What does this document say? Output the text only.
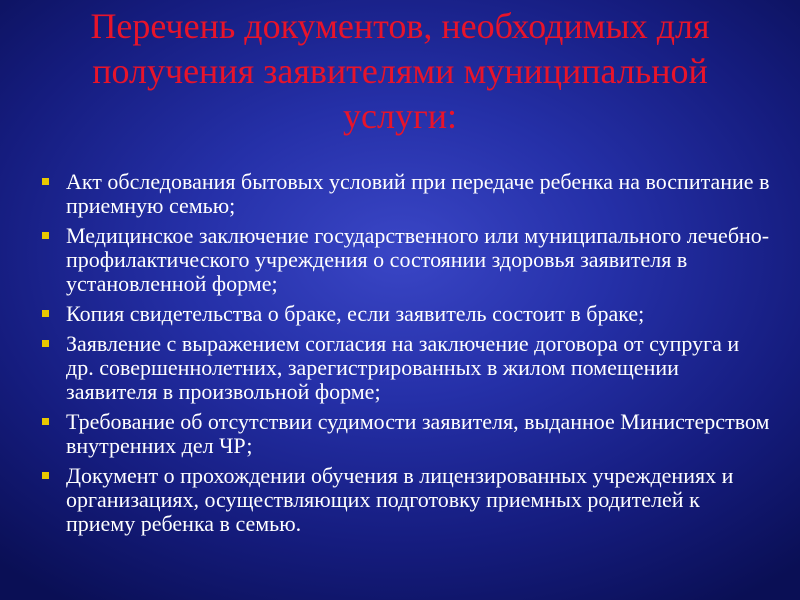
Перечень документов, необходимых для получения заявителями муниципальной услуги:
Акт обследования бытовых условий при передаче ребенка на воспитание в приемную семью;
Медицинское заключение государственного или муниципального лечебно-профилактического учреждения о состоянии здоровья заявителя в установленной форме;
Копия свидетельства о браке, если заявитель состоит в браке;
Заявление с выражением согласия на заключение договора от супруга и др. совершеннолетних, зарегистрированных в жилом помещении заявителя в произвольной форме;
Требование об отсутствии судимости заявителя, выданное Министерством внутренних дел ЧР;
Документ о прохождении обучения в лицензированных учреждениях и организациях, осуществляющих подготовку приемных родителей к приему ребенка в семью.
